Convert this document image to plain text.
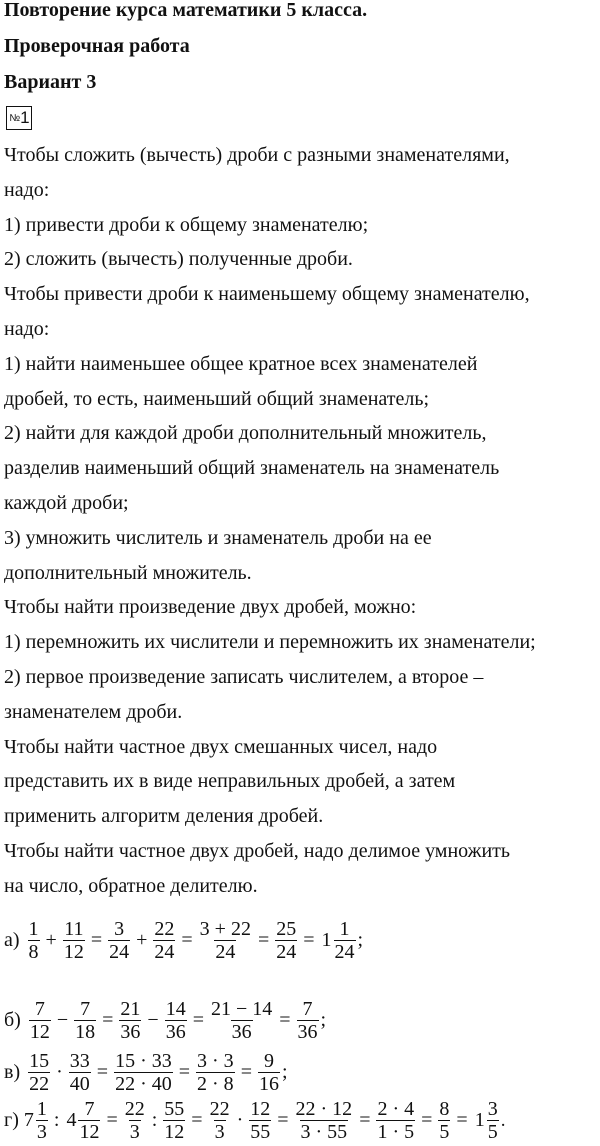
Повторение курса математики 5 класса.
Проверочная работа
Вариант 3
№1
Чтобы сложить (вычесть) дроби с разными знаменателями,
надо:
1) привести дроби к общему знаменателю;
2) сложить (вычесть) полученные дроби.
Чтобы привести дроби к наименьшему общему знаменателю,
надо:
1) найти наименьшее общее кратное всех знаменателей
дробей, то есть, наименьший общий знаменатель;
2) найти для каждой дроби дополнительный множитель,
разделив наименьший общий знаменатель на знаменатель
каждой дроби;
3) умножить числитель и знаменатель дроби на ее
дополнительный множитель.
Чтобы найти произведение двух дробей, можно:
1) перемножить их числители и перемножить их знаменатели;
2) первое произведение записать числителем, а второе –
знаменателем дроби.
Чтобы найти частное двух смешанных чисел, надо
представить их в виде неправильных дробей, а затем
применить алгоритм деления дробей.
Чтобы найти частное двух дробей, надо делимое умножить
на число, обратное делителю.
$а) \frac{1}{8} + \frac{11}{12} = \frac{3}{24} + \frac{22}{24} = \frac{3 + 22}{24} = \frac{25}{24} = 1 \frac{1}{24}$ ;
$б) \frac{7}{12} - \frac{7}{18} = \frac{21}{36} - \frac{14}{36} = \frac{21 - 14}{36} = \frac{7}{36}$ ;
$в) \frac{15}{22} \cdot \frac{33}{40} = \frac{15 \cdot 33}{22 \cdot 40} = \frac{3 \cdot 3}{2 \cdot 8} = \frac{9}{16}$ ;
г) $7 \frac{1}{3}$ : $4 \frac{7}{12} = \frac{22}{3}$ : $\frac{55}{12} = \frac{22}{3} \cdot \frac{12}{55} = \frac{22 \cdot 12}{3 \cdot 55} = \frac{2 \cdot 4}{1 \cdot 5} = \frac{8}{5} = 1 \frac{3}{5}$ .
